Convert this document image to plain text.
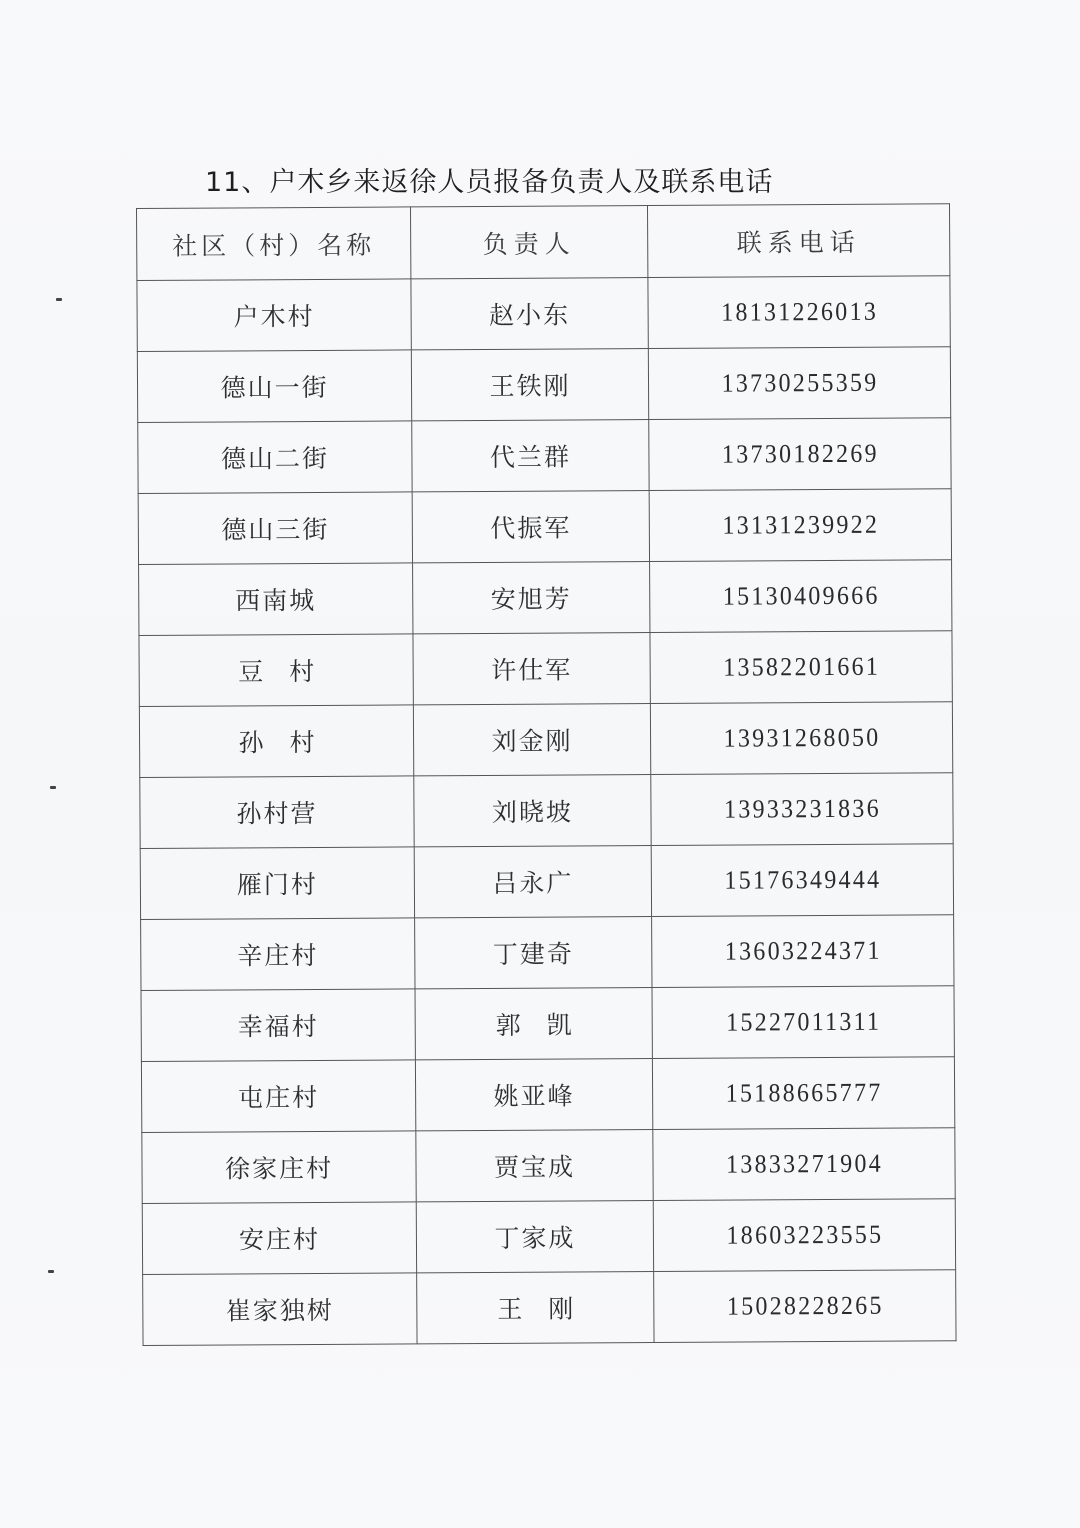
11、户木乡来返徐人员报备负责人及联系电话
社区（村）名称	负责人	联系电话
户木村	赵小东	18131226013
德山一街	王铁刚	13730255359
德山二街	代兰群	13730182269
德山三街	代振军	13131239922
西南城	安旭芳	15130409666
豆村	许仕军	13582201661
孙村	刘金刚	13931268050
孙村营	刘晓坡	13933231836
雁门村	吕永广	15176349444
辛庄村	丁建奇	13603224371
幸福村	郭凯	15227011311
屯庄村	姚亚峰	15188665777
徐家庄村	贾宝成	13833271904
安庄村	丁家成	18603223555
崔家独树	王刚	15028228265
